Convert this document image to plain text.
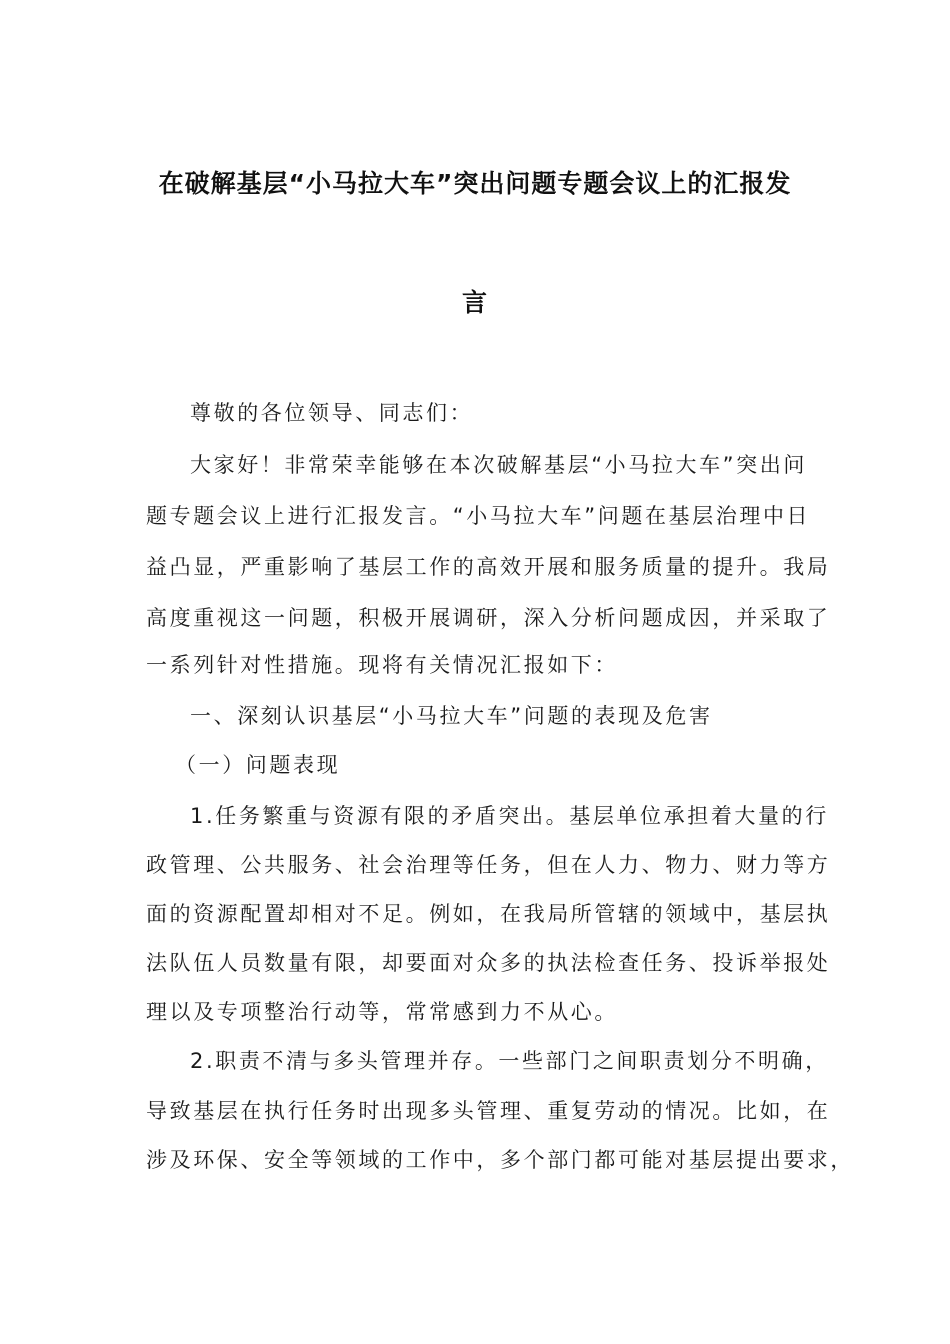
在破解基层“小马拉大车”突出问题专题会议上的汇报发
言
尊敬的各位领导、同志们：
大家好！非常荣幸能够在本次破解基层“小马拉大车”突出问
题专题会议上进行汇报发言。“小马拉大车”问题在基层治理中日
益凸显，严重影响了基层工作的高效开展和服务质量的提升。我局
高度重视这一问题，积极开展调研，深入分析问题成因，并采取了
一系列针对性措施。现将有关情况汇报如下：
一、深刻认识基层“小马拉大车”问题的表现及危害
（一）问题表现
1.任务繁重与资源有限的矛盾突出。基层单位承担着大量的行
政管理、公共服务、社会治理等任务，但在人力、物力、财力等方
面的资源配置却相对不足。例如，在我局所管辖的领域中，基层执
法队伍人员数量有限，却要面对众多的执法检查任务、投诉举报处
理以及专项整治行动等，常常感到力不从心。
2.职责不清与多头管理并存。一些部门之间职责划分不明确，
导致基层在执行任务时出现多头管理、重复劳动的情况。比如，在
涉及环保、安全等领域的工作中，多个部门都可能对基层提出要求，
